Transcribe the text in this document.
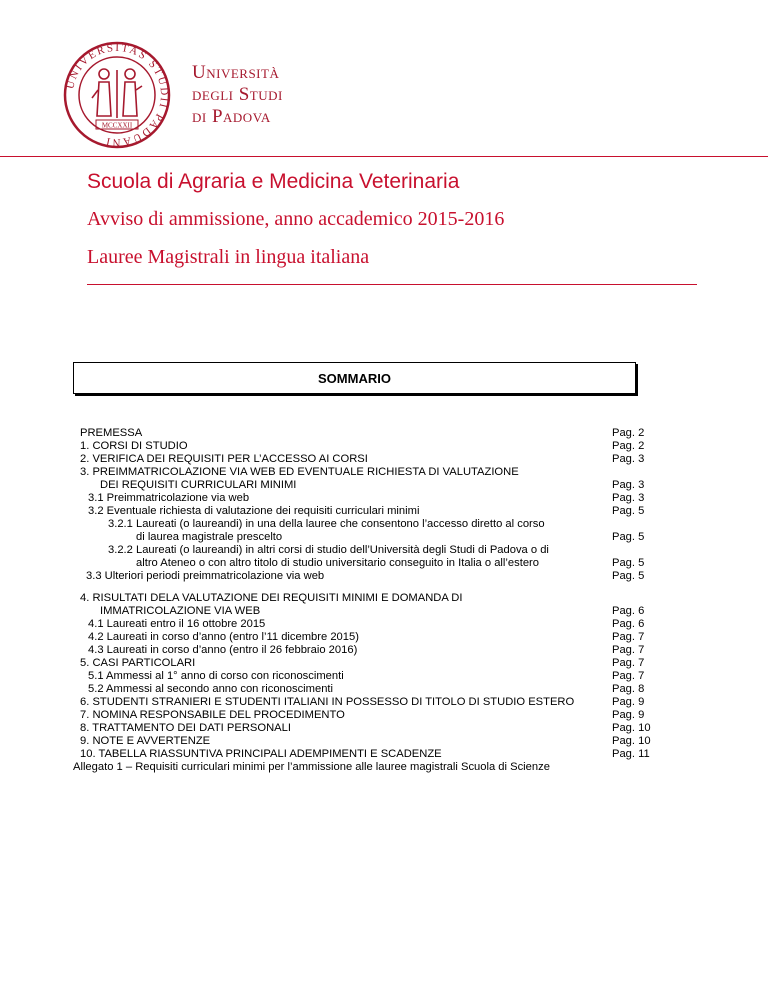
UNIVERSITAS STUDII PADUANI
MCCXXII
Università
degli Studi
di Padova
Scuola di Agraria e Medicina Veterinaria
Avviso di ammissione, anno accademico 2015-2016
Lauree Magistrali in lingua italiana
SOMMARIO
PREMESSA	Pag. 2
1. CORSI DI STUDIO	Pag. 2
2. VERIFICA DEI REQUISITI PER L’ACCESSO AI CORSI	Pag. 3
3. PREIMMATRICOLAZIONE VIA WEB ED EVENTUALE RICHIESTA DI VALUTAZIONE
DEI REQUISITI CURRICULARI MINIMI	Pag. 3
3.1 Preimmatricolazione via web	Pag. 3
3.2 Eventuale richiesta di valutazione dei requisiti curriculari minimi	Pag. 5
3.2.1 Laureati (o laureandi) in una della lauree che consentono l’accesso diretto al corso
di laurea magistrale prescelto	Pag. 5
3.2.2 Laureati (o laureandi) in altri corsi di studio dell’Università degli Studi di Padova o di
altro Ateneo o con altro titolo di studio universitario conseguito in Italia o all’estero	Pag. 5
3.3 Ulteriori periodi preimmatricolazione via web	Pag. 5
4. RISULTATI DELA VALUTAZIONE DEI REQUISITI MINIMI E DOMANDA DI
IMMATRICOLAZIONE VIA WEB	Pag. 6
4.1 Laureati entro il 16 ottobre 2015	Pag. 6
4.2 Laureati in corso d’anno (entro l’11 dicembre 2015)	Pag. 7
4.3 Laureati in corso d’anno (entro il 26 febbraio 2016)	Pag. 7
5. CASI PARTICOLARI	Pag. 7
5.1 Ammessi al 1° anno di corso con riconoscimenti	Pag. 7
5.2 Ammessi al secondo anno con riconoscimenti	Pag. 8
6. STUDENTI STRANIERI E STUDENTI ITALIANI IN POSSESSO DI TITOLO DI STUDIO ESTERO	Pag. 9
7. NOMINA RESPONSABILE DEL PROCEDIMENTO	Pag. 9
8. TRATTAMENTO DEI DATI PERSONALI	Pag. 10
9. NOTE E AVVERTENZE	Pag. 10
10. TABELLA RIASSUNTIVA PRINCIPALI ADEMPIMENTI E SCADENZE	Pag. 11
Allegato 1 – Requisiti curriculari minimi per l’ammissione alle lauree magistrali Scuola di Scienze
